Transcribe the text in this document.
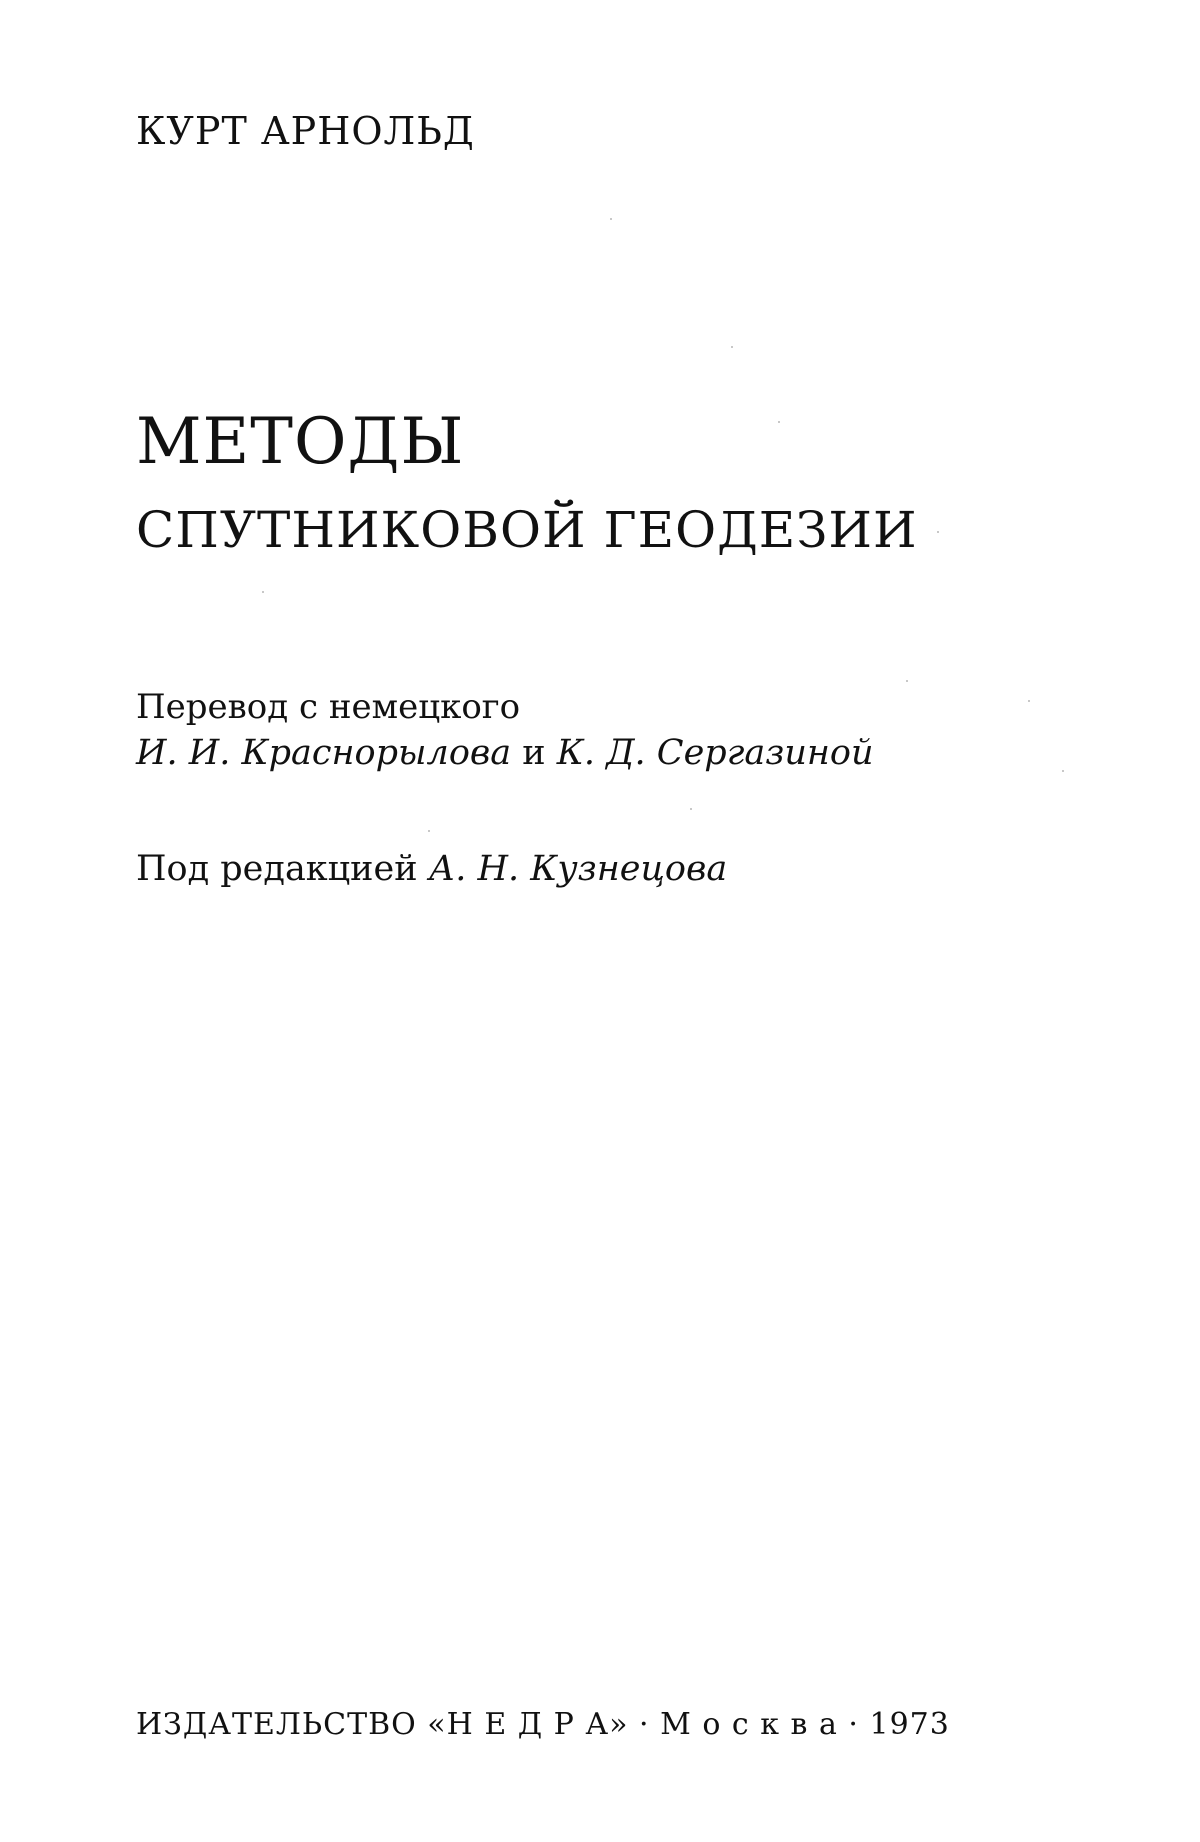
КУРТ АРНОЛЬД
МЕТОДЫ
СПУТНИКОВОЙ ГЕОДЕЗИИ
Перевод с немецкого
И. И. Краснорылова и К. Д. Сергазиной
Под редакцией А. Н. Кузнецова
ИЗДАТЕЛЬСТВО «Н Е Д Р А» · М о с к в а · 1973
